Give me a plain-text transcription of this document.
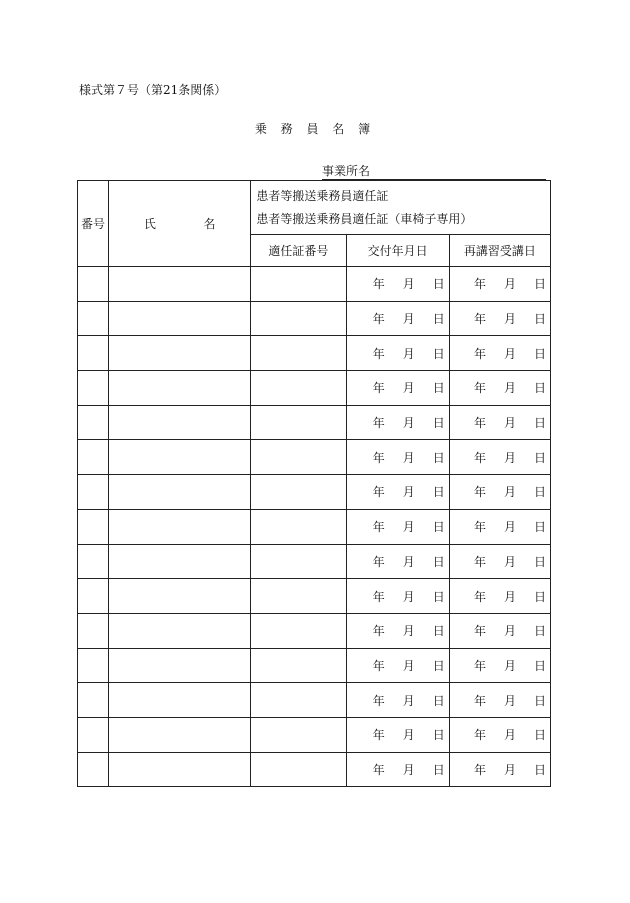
様式第７号（第21条関係）
乗 務 員 名 簿
事業所名
番号	氏 名	患者等搬送乗務員適任証
患者等搬送乗務員適任証（車椅子専用）		

		適任証番号	交付年月日	再講習受講日
			年 月 日	年 月 日
			年 月 日	年 月 日
			年 月 日	年 月 日
			年 月 日	年 月 日
			年 月 日	年 月 日
			年 月 日	年 月 日
			年 月 日	年 月 日
			年 月 日	年 月 日
			年 月 日	年 月 日
			年 月 日	年 月 日
			年 月 日	年 月 日
			年 月 日	年 月 日
			年 月 日	年 月 日
			年 月 日	年 月 日
			年 月 日	年 月 日
